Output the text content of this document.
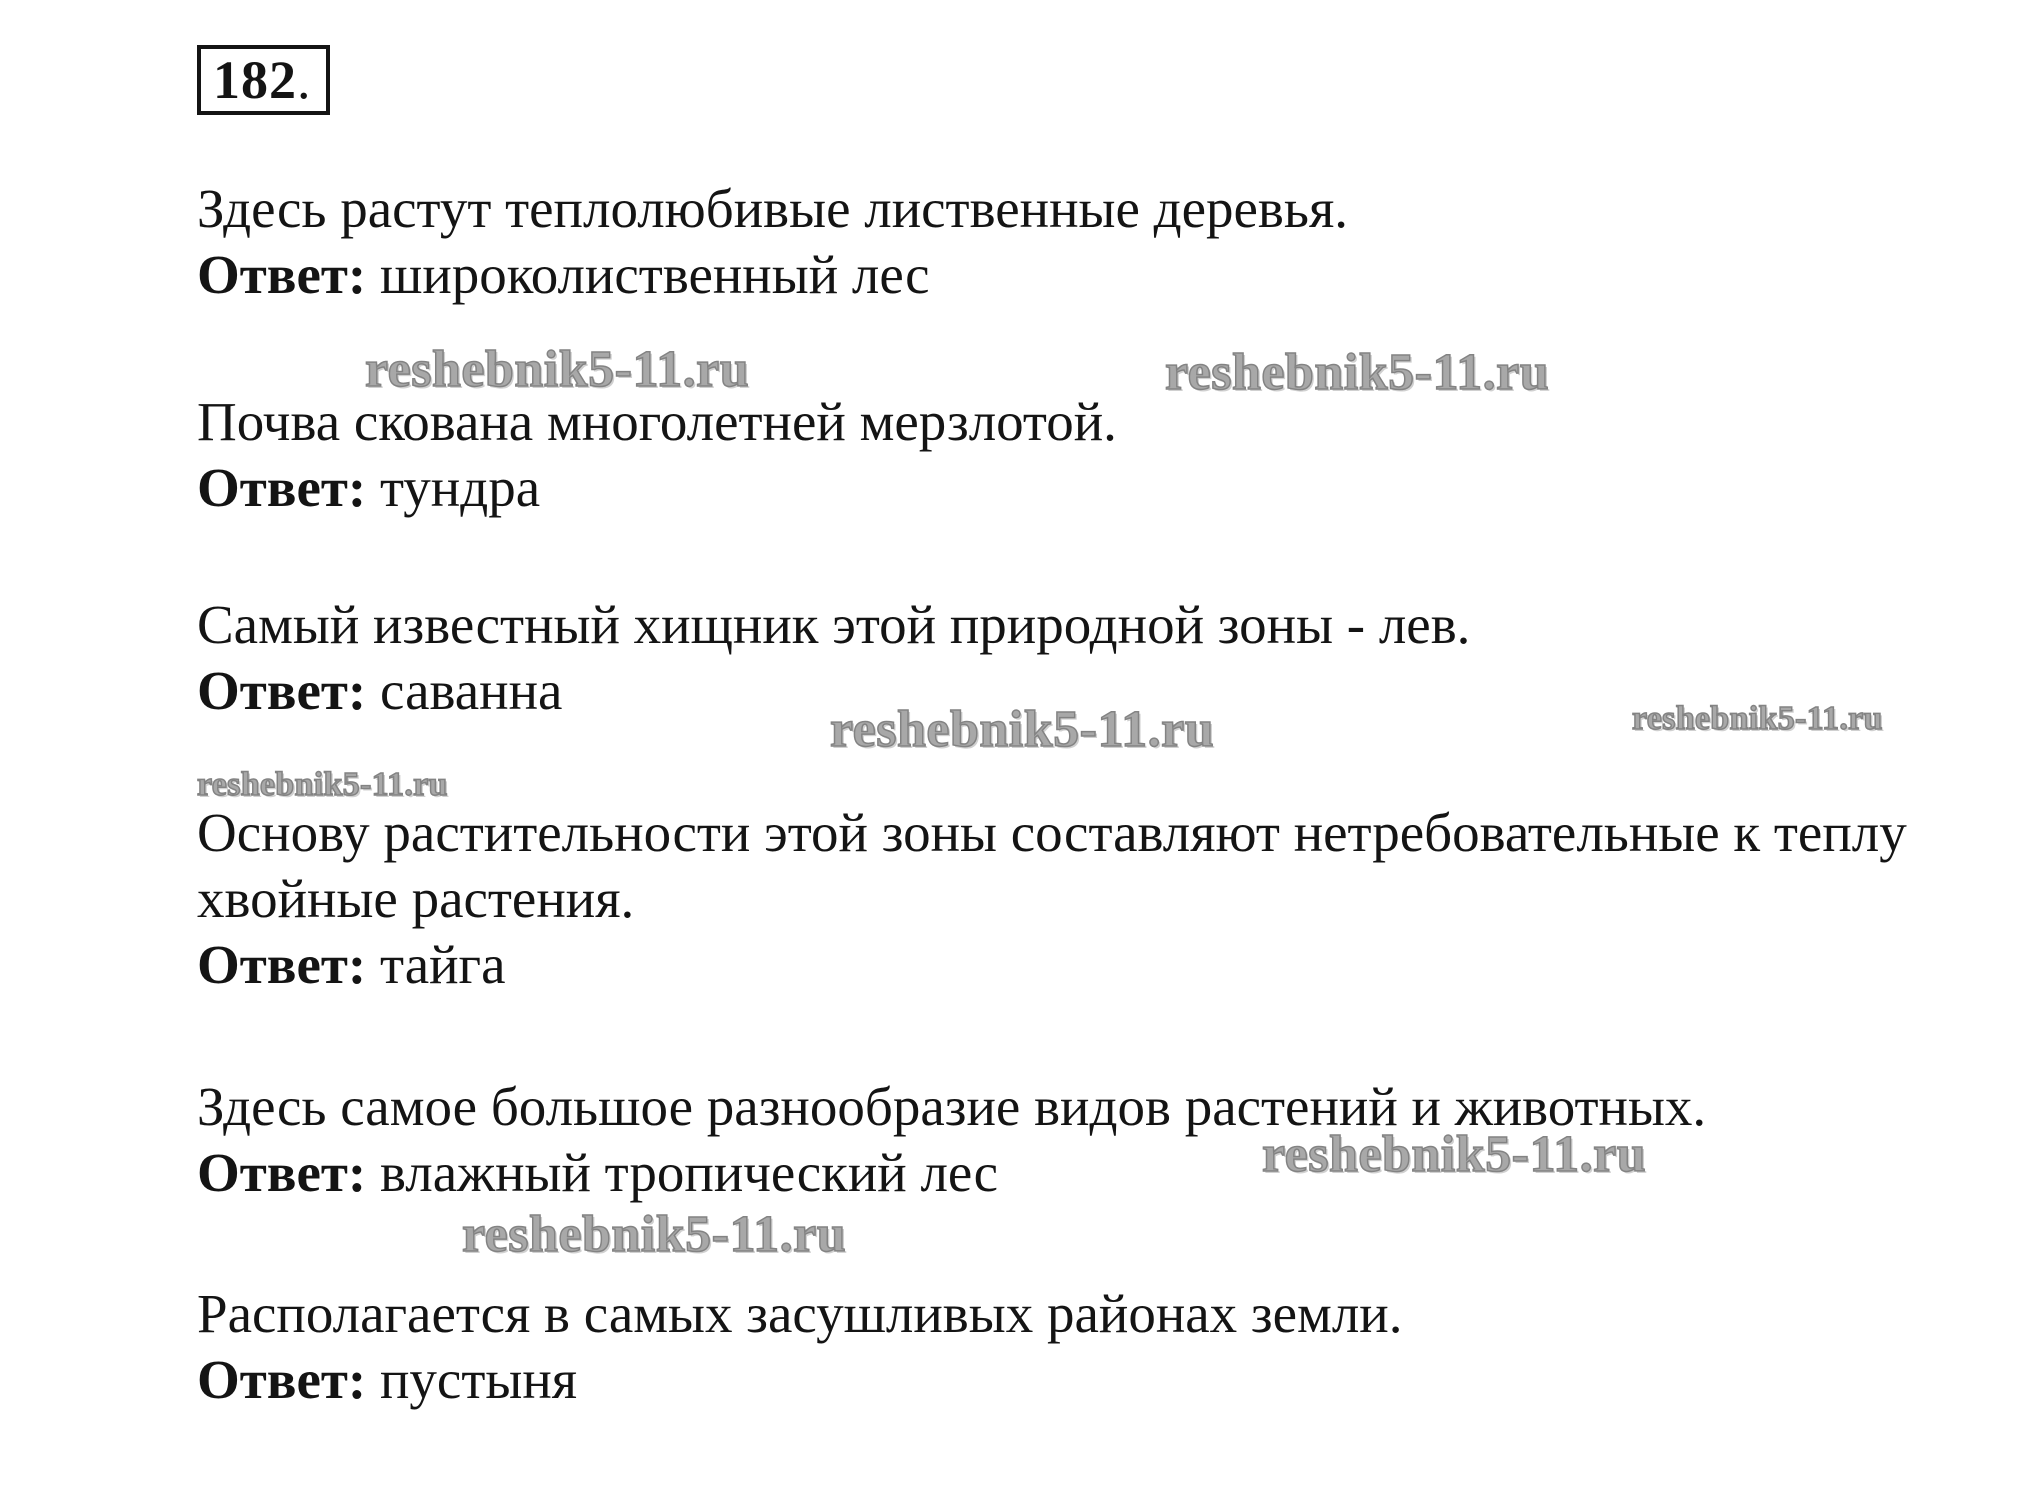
182.
Здесь растут теплолюбивые лиственные деревья.
Ответ: широколиственный лес
Почва скована многолетней мерзлотой.
Ответ: тундра
Самый известный хищник этой природной зоны - лев.
Ответ: саванна
Основу растительности этой зоны составляют нетребовательные к теплу
хвойные растения.
Ответ: тайга
Здесь самое большое разнообразие видов растений и животных.
Ответ: влажный тропический лес
Располагается в самых засушливых районах земли.
Ответ: пустыня
reshebnik5-11.ru	reshebnik5-11.ru
reshebnik5-11.ru	reshebnik5-11.ru
reshebnik5-11.ru
reshebnik5-11.ru
reshebnik5-11.ru
